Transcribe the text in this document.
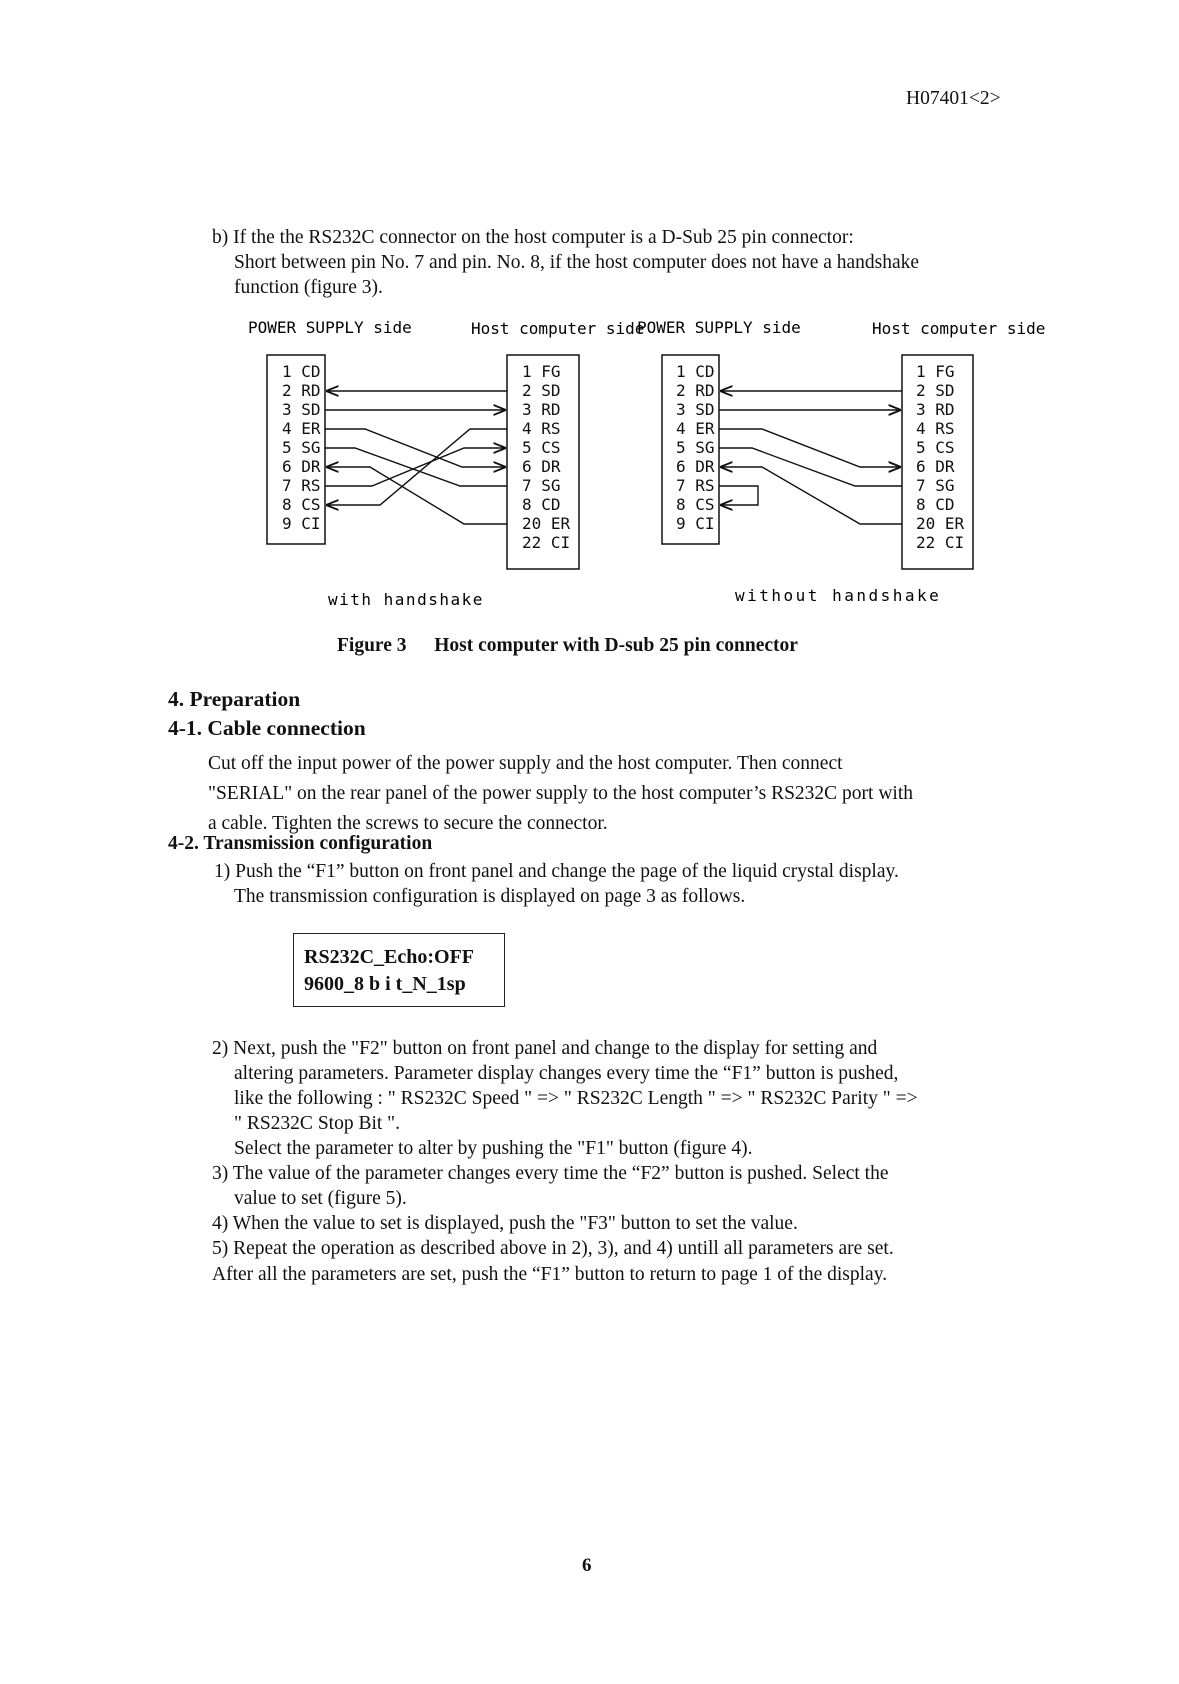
H07401<2>
b) If the the RS232C connector on the host computer is a D-Sub 25 pin connector:
Short between pin No. 7 and pin. No. 8, if the host computer does not have a handshake
function (figure 3).
POWER SUPPLY side	Host computer side
1 CD
2 RD
3 SD
4 ER
5 SG
6 DR
7 RS
8 CS
9 CI
1 FG
2 SD
3 RD
4 RS
5 CS
6 DR
7 SG
8 CD
20 ER
22 CI
with handshake
POWER SUPPLY side	Host computer side
1 CD
2 RD
3 SD
4 ER
5 SG
6 DR
7 RS
8 CS
9 CI
1 FG
2 SD
3 RD
4 RS
5 CS
6 DR
7 SG
8 CD
20 ER
22 CI
without handshake
Figure 3 Host computer with D-sub 25 pin connector
4. Preparation
4-1. Cable connection
Cut off the input power of the power supply and the host computer. Then connect
"SERIAL" on the rear panel of the power supply to the host computer’s RS232C port with
a cable. Tighten the screws to secure the connector.
4-2. Transmission configuration
1) Push the “F1” button on front panel and change the page of the liquid crystal display.
The transmission configuration is displayed on page 3 as follows.
RS232C_Echo:OFF
9600_8 b i t_N_1sp
2) Next, push the "F2" button on front panel and change to the display for setting and
altering parameters. Parameter display changes every time the “F1” button is pushed,
like the following : " RS232C Speed " => " RS232C Length " => " RS232C Parity " =>
" RS232C Stop Bit ".
Select the parameter to alter by pushing the "F1" button (figure 4).
3) The value of the parameter changes every time the “F2” button is pushed. Select the
value to set (figure 5).
4) When the value to set is displayed, push the "F3" button to set the value.
5) Repeat the operation as described above in 2), 3), and 4) untill all parameters are set.
After all the parameters are set, push the “F1” button to return to page 1 of the display.
6
